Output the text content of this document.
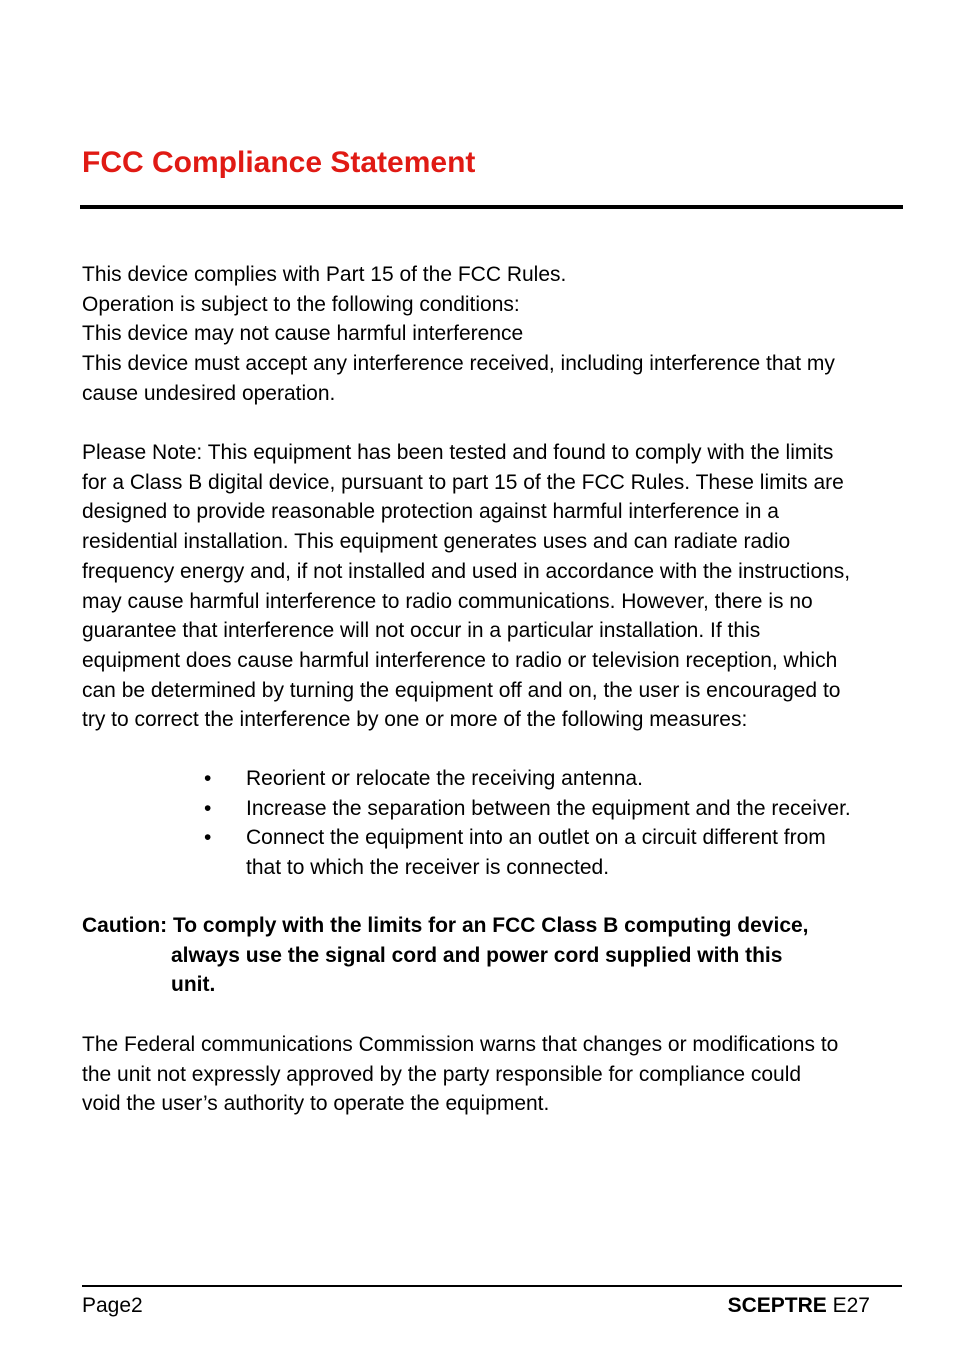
FCC Compliance Statement

This device complies with Part 15 of the FCC Rules.
Operation is subject to the following conditions:
This device may not cause harmful interference
This device must accept any interference received, including interference that my
cause undesired operation.

Please Note: This equipment has been tested and found to comply with the limits
for a Class B digital device, pursuant to part 15 of the FCC Rules. These limits are
designed to provide reasonable protection against harmful interference in a
residential installation. This equipment generates uses and can radiate radio
frequency energy and, if not installed and used in accordance with the instructions,
may cause harmful interference to radio communications. However, there is no
guarantee that interference will not occur in a particular installation. If this
equipment does cause harmful interference to radio or television reception, which
can be determined by turning the equipment off and on, the user is encouraged to
try to correct the interference by one or more of the following measures:

• Reorient or relocate the receiving antenna.
• Increase the separation between the equipment and the receiver.
• Connect the equipment into an outlet on a circuit different from
that to which the receiver is connected.

Caution: To comply with the limits for an FCC Class B computing device,
always use the signal cord and power cord supplied with this
unit.

The Federal communications Commission warns that changes or modifications to
the unit not expressly approved by the party responsible for compliance could
void the user’s authority to operate the equipment.

Page2	SCEPTRE E27
